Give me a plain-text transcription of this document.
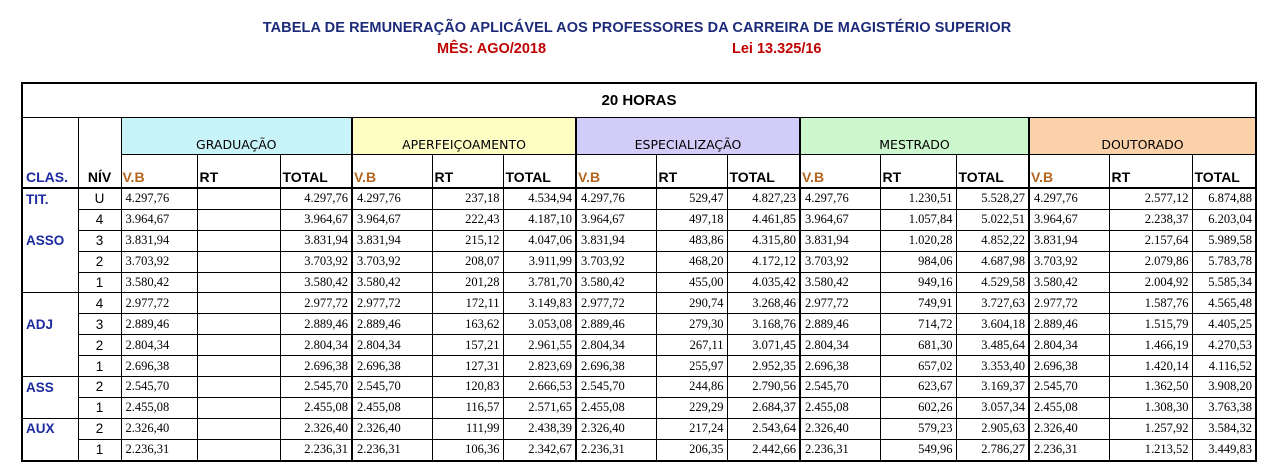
TABELA DE REMUNERAÇÃO APLICÁVEL AOS PROFESSORES DA CARREIRA DE MAGISTÉRIO SUPERIOR
MÊS: AGO/2018	Lei 13.325/16
20 HORAS																
		GRADUAÇÃO			APERFEIÇOAMENTO			ESPECIALIZAÇÃO			MESTRADO			DOUTORADO		
CLAS.	NÍV	V.B	RT	TOTAL	V.B	RT	TOTAL	V.B	RT	TOTAL	V.B	RT	TOTAL	V.B	RT	TOTAL
TIT.	U	4.297,76		4.297,76	4.297,76	237,18	4.534,94	4.297,76	529,47	4.827,23	4.297,76	1.230,51	5.528,27	4.297,76	2.577,12	6.874,88
	4	3.964,67		3.964,67	3.964,67	222,43	4.187,10	3.964,67	497,18	4.461,85	3.964,67	1.057,84	5.022,51	3.964,67	2.238,37	6.203,04
ASSO	3	3.831,94		3.831,94	3.831,94	215,12	4.047,06	3.831,94	483,86	4.315,80	3.831,94	1.020,28	4.852,22	3.831,94	2.157,64	5.989,58
	2	3.703,92		3.703,92	3.703,92	208,07	3.911,99	3.703,92	468,20	4.172,12	3.703,92	984,06	4.687,98	3.703,92	2.079,86	5.783,78
	1	3.580,42		3.580,42	3.580,42	201,28	3.781,70	3.580,42	455,00	4.035,42	3.580,42	949,16	4.529,58	3.580,42	2.004,92	5.585,34
	4	2.977,72		2.977,72	2.977,72	172,11	3.149,83	2.977,72	290,74	3.268,46	2.977,72	749,91	3.727,63	2.977,72	1.587,76	4.565,48
ADJ	3	2.889,46		2.889,46	2.889,46	163,62	3.053,08	2.889,46	279,30	3.168,76	2.889,46	714,72	3.604,18	2.889,46	1.515,79	4.405,25
	2	2.804,34		2.804,34	2.804,34	157,21	2.961,55	2.804,34	267,11	3.071,45	2.804,34	681,30	3.485,64	2.804,34	1.466,19	4.270,53
	1	2.696,38		2.696,38	2.696,38	127,31	2.823,69	2.696,38	255,97	2.952,35	2.696,38	657,02	3.353,40	2.696,38	1.420,14	4.116,52
ASS	2	2.545,70		2.545,70	2.545,70	120,83	2.666,53	2.545,70	244,86	2.790,56	2.545,70	623,67	3.169,37	2.545,70	1.362,50	3.908,20
	1	2.455,08		2.455,08	2.455,08	116,57	2.571,65	2.455,08	229,29	2.684,37	2.455,08	602,26	3.057,34	2.455,08	1.308,30	3.763,38
AUX	2	2.326,40		2.326,40	2.326,40	111,99	2.438,39	2.326,40	217,24	2.543,64	2.326,40	579,23	2.905,63	2.326,40	1.257,92	3.584,32
	1	2.236,31		2.236,31	2.236,31	106,36	2.342,67	2.236,31	206,35	2.442,66	2.236,31	549,96	2.786,27	2.236,31	1.213,52	3.449,83
